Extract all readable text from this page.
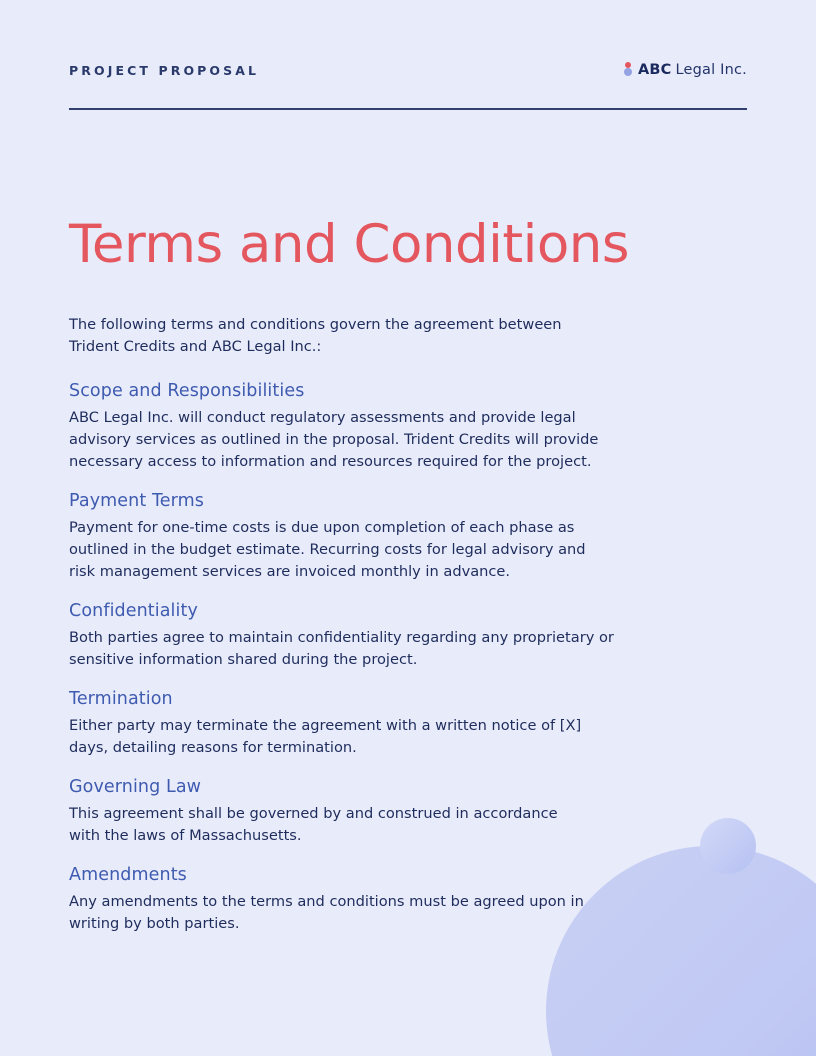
PROJECT PROPOSAL	ABC Legal Inc.
Terms and Conditions

The following terms and conditions govern the agreement between Trident Credits and ABC Legal Inc.:

Scope and Responsibilities

ABC Legal Inc. will conduct regulatory assessments and provide legal advisory services as outlined in the proposal. Trident Credits will provide necessary access to information and resources required for the project.

Payment Terms

Payment for one-time costs is due upon completion of each phase as outlined in the budget estimate. Recurring costs for legal advisory and risk management services are invoiced monthly in advance.

Confidentiality

Both parties agree to maintain confidentiality regarding any proprietary or sensitive information shared during the project.

Termination

Either party may terminate the agreement with a written notice of [X] days, detailing reasons for termination.

Governing Law

This agreement shall be governed by and construed in accordance with the laws of Massachusetts.

Amendments

Any amendments to the terms and conditions must be agreed upon in writing by both parties.
